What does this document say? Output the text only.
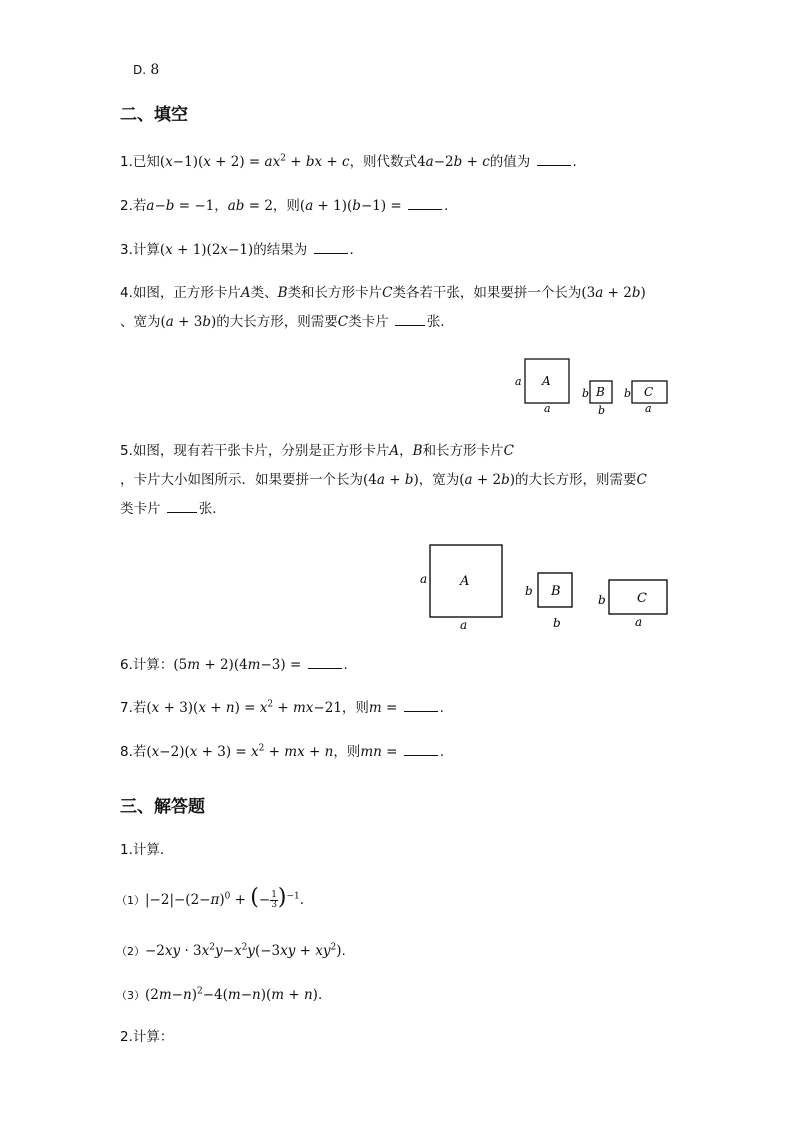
D. 8
二、填空
1.已知$(x-1)(x + 2) = ax^2$ + bx + c，则代数式4a−2b + c的值为	.
2.若a−b = −1，ab = 2，则(a + 1)(b−1) =	.
3.计算(x + 1)(2x−1)的结果为	.
4.如图，正方形卡片A类、B类和长方形卡片C类各若干张，如果要拼一个长为(3a + 2b)
、宽为(a + 3b)的大长方形，则需要C类卡片	张．
A
a
a
B
b
b
C
b
a
5.如图，现有若干张卡片，分别是正方形卡片A，B和长方形卡片C
，卡片大小如图所示．如果要拼一个长为(4a + b)，宽为(a + 2b)的大长方形，则需要C
类卡片	张．
A
a
a
B
b
b
C
b
a
6.计算：(5m + 2)(4m−3) =	.
7.若$(x + 3)(x + n) = x^2 + mx-21$，则m =	.
8.若$(x-2)(x + 3) = x^2$ + mx + n，则mn =	.
三、解答题
1.计算．
$(1)|-2|-(2-\pi)^0$ + (− $\frac{1}{3} )^{-1}$.
$(2)-2xy \cdot 3x^2y-x^2y(-3xy + xy^2)$.
$(3)(2m-n)^2-4(m-n)(m + n)$.
2.计算：
